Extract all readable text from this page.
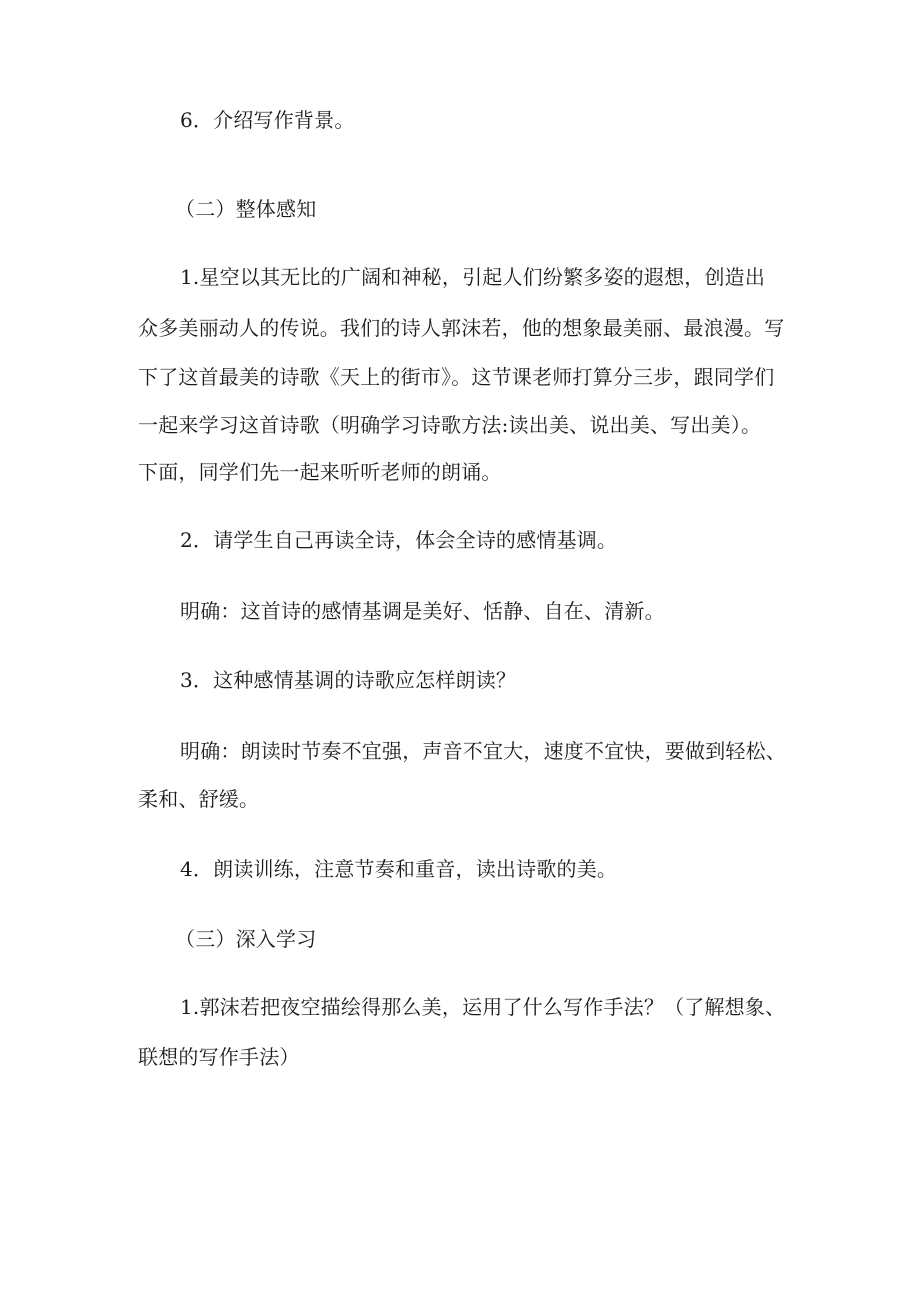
6．介绍写作背景。

（二）整体感知

1.星空以其无比的广阔和神秘，引起人们纷繁多姿的遐想，创造出

众多美丽动人的传说。我们的诗人郭沫若，他的想象最美丽、最浪漫。写

下了这首最美的诗歌《天上的街市》。这节课老师打算分三步，跟同学们

一起来学习这首诗歌（明确学习诗歌方法:读出美、说出美、写出美）。

下面，同学们先一起来听听老师的朗诵。

2．请学生自己再读全诗，体会全诗的感情基调。

明确：这首诗的感情基调是美好、恬静、自在、清新。

3．这种感情基调的诗歌应怎样朗读？

明确：朗读时节奏不宜强，声音不宜大，速度不宜快，要做到轻松、

柔和、舒缓。

4．朗读训练，注意节奏和重音，读出诗歌的美。

（三）深入学习

1.郭沫若把夜空描绘得那么美，运用了什么写作手法？（了解想象、

联想的写作手法）
